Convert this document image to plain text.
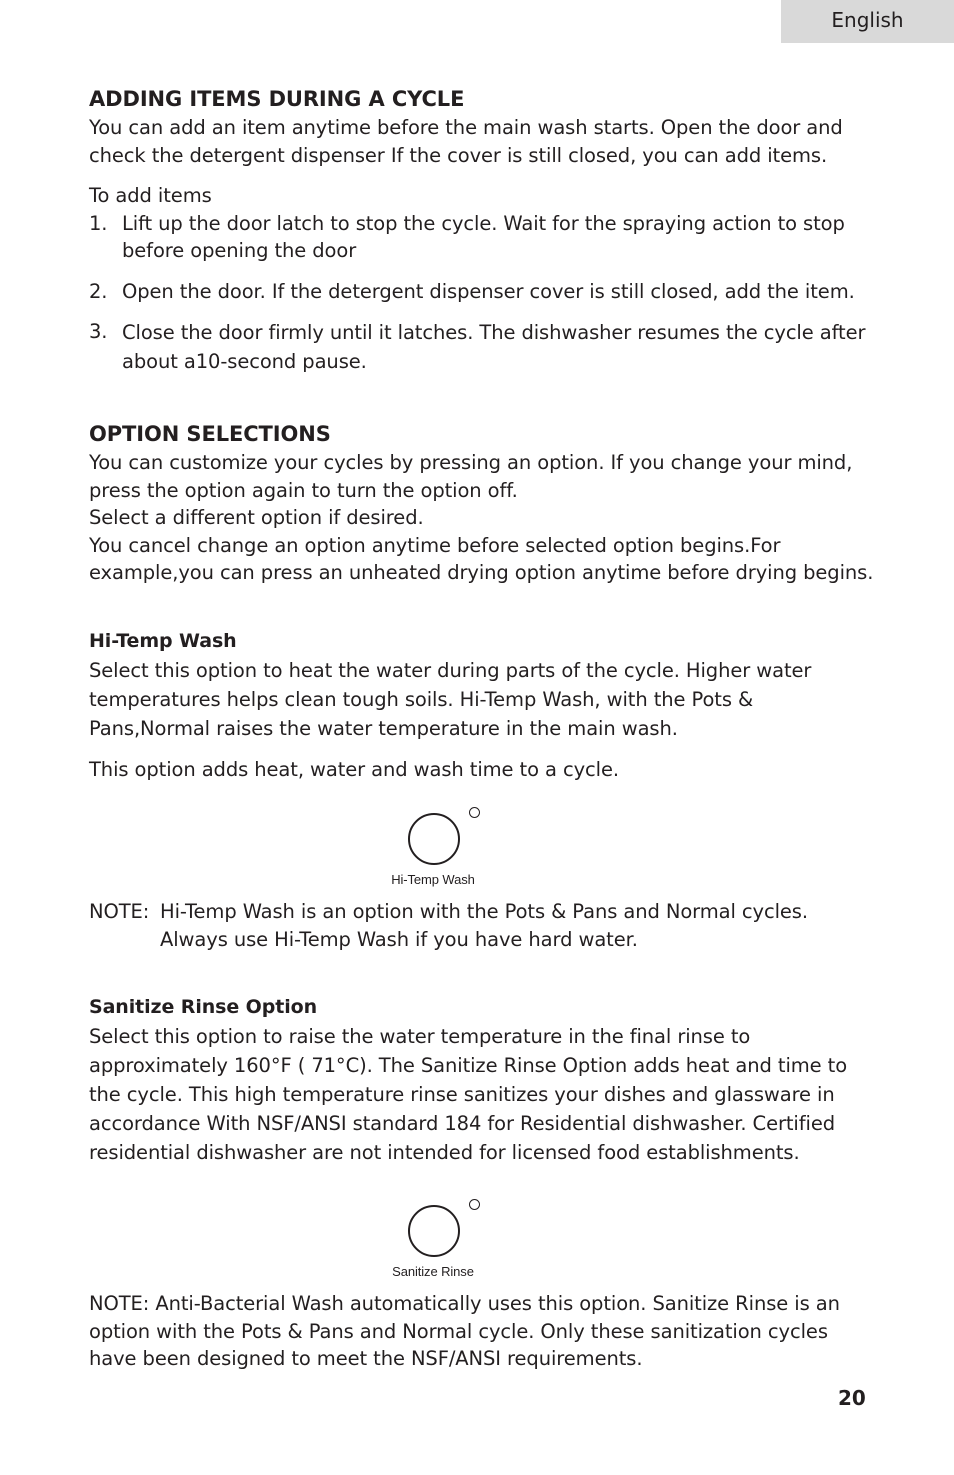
English
ADDING ITEMS DURING A CYCLE

You can add an item anytime before the main wash starts. Open the door and check the detergent dispenser If the cover is still closed, you can add items.

To add items

1. Lift up the door latch to stop the cycle. Wait for the spraying action to stop before opening the door
2. Open the door. If the detergent dispenser cover is still closed, add the item.
3. Close the door firmly until it latches. The dishwasher resumes the cycle after about a10-second pause.
OPTION SELECTIONS

You can customize your cycles by pressing an option. If you change your mind, press the option again to turn the option off.

Select a different option if desired.

You cancel change an option anytime before selected option begins.For example,you can press an unheated drying option anytime before drying begins.

Hi-Temp Wash

Select this option to heat the water during parts of the cycle. Higher water temperatures helps clean tough soils. Hi-Temp Wash, with the Pots & Pans,Normal raises the water temperature in the main wash.

This option adds heat, water and wash time to a cycle.

Hi-Temp Wash
NOTE: Hi-Temp Wash is an option with the Pots & Pans and Normal cycles. Always use Hi-Temp Wash if you have hard water.
Sanitize Rinse Option

Select this option to raise the water temperature in the final rinse to approximately 160°F ( 71°C). The Sanitize Rinse Option adds heat and time to the cycle. This high temperature rinse sanitizes your dishes and glassware in accordance With NSF/ANSI standard 184 for Residential dishwasher. Certified residential dishwasher are not intended for licensed food establishments.

Sanitize Rinse

NOTE: Anti-Bacterial Wash automatically uses this option. Sanitize Rinse is an option with the Pots & Pans and Normal cycle. Only these sanitization cycles have been designed to meet the NSF/ANSI requirements.

20
